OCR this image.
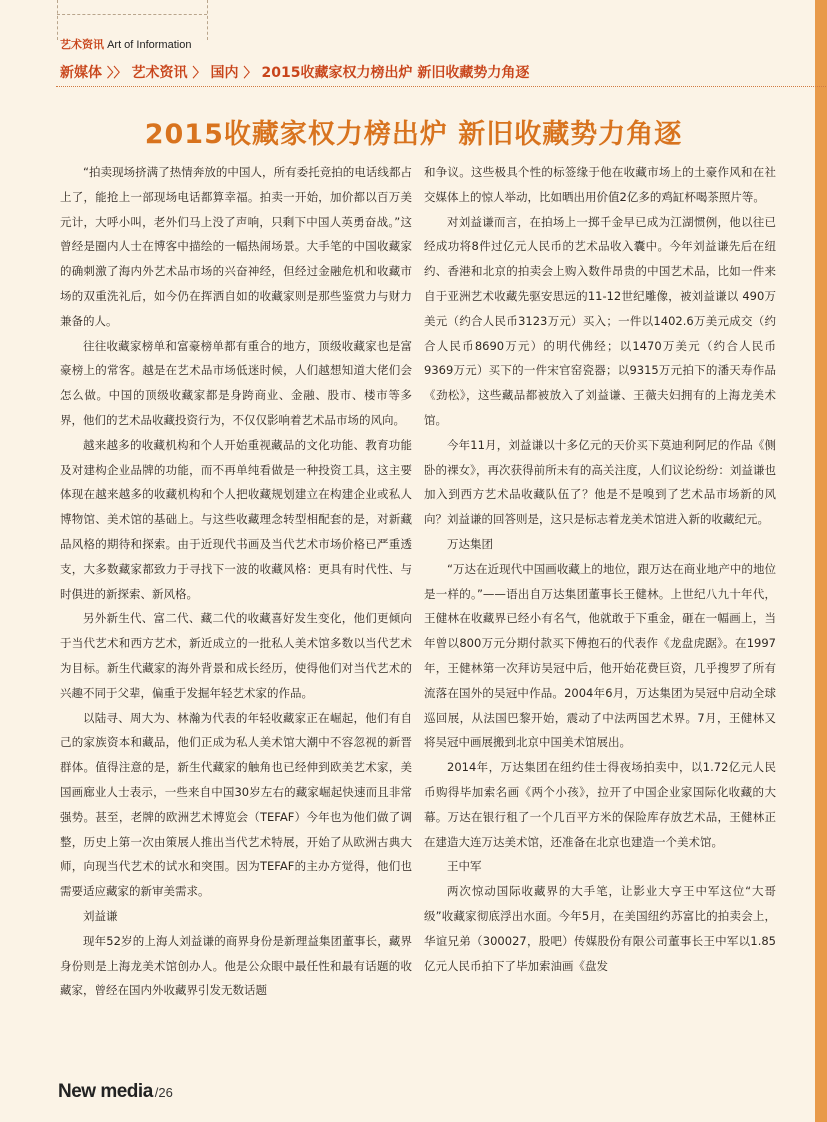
艺术资讯 Art of Information
新媒体 〉〉 艺术资讯 〉 国内 〉 2015收藏家权力榜出炉 新旧收藏势力角逐
2015收藏家权力榜出炉 新旧收藏势力角逐

“拍卖现场挤满了热情奔放的中国人，所有委托竞拍的电话线都占上了，能抢上一部现场电话都算幸福。拍卖一开始，加价都以百万美元计，大呼小叫，老外们马上没了声响，只剩下中国人英勇奋战。”这曾经是圈内人士在博客中描绘的一幅热闹场景。大手笔的中国收藏家的确刺激了海内外艺术品市场的兴奋神经，但经过金融危机和收藏市场的双重洗礼后，如今仍在挥洒自如的收藏家则是那些鉴赏力与财力兼备的人。

往往收藏家榜单和富豪榜单都有重合的地方，顶级收藏家也是富豪榜上的常客。越是在艺术品市场低迷时候，人们越想知道大佬们会怎么做。中国的顶级收藏家都是身跨商业、金融、股市、楼市等多界，他们的艺术品收藏投资行为，不仅仅影响着艺术品市场的风向。

越来越多的收藏机构和个人开始重视藏品的文化功能、教育功能及对建构企业品牌的功能，而不再单纯看做是一种投资工具，这主要体现在越来越多的收藏机构和个人把收藏规划建立在构建企业或私人博物馆、美术馆的基础上。与这些收藏理念转型相配套的是，对新藏品风格的期待和探索。由于近现代书画及当代艺术市场价格已严重透支，大多数藏家都致力于寻找下一波的收藏风格：更具有时代性、与时俱进的新探索、新风格。

另外新生代、富二代、藏二代的收藏喜好发生变化，他们更倾向于当代艺术和西方艺术，新近成立的一批私人美术馆多数以当代艺术为目标。新生代藏家的海外背景和成长经历，使得他们对当代艺术的兴趣不同于父辈，偏重于发掘年轻艺术家的作品。

以陆寻、周大为、林瀚为代表的年轻收藏家正在崛起，他们有自己的家族资本和藏品，他们正成为私人美术馆大潮中不容忽视的新晋群体。值得注意的是，新生代藏家的触角也已经伸到欧美艺术家，美国画廊业人士表示，一些来自中国30岁左右的藏家崛起快速而且非常强势。甚至，老牌的欧洲艺术博览会（TEFAF）今年也为他们做了调整，历史上第一次由策展人推出当代艺术特展，开始了从欧洲古典大师，向现当代艺术的试水和突围。因为TEFAF的主办方觉得，他们也需要适应藏家的新审美需求。

刘益谦

现年52岁的上海人刘益谦的商界身份是新理益集团董事长，藏界身份则是上海龙美术馆创办人。他是公众眼中最任性和最有话题的收藏家，曾经在国内外收藏界引发无数话题

和争议。这些极具个性的标签缘于他在收藏市场上的土豪作风和在社交媒体上的惊人举动，比如晒出用价值2亿多的鸡缸杯喝茶照片等。

对刘益谦而言，在拍场上一掷千金早已成为江湖惯例，他以往已经成功将8件过亿元人民币的艺术品收入囊中。今年刘益谦先后在纽约、香港和北京的拍卖会上购入数件昂贵的中国艺术品，比如一件来自于亚洲艺术收藏先驱安思远的11-12世纪雕像，被刘益谦以 490万美元（约合人民币3123万元）买入；一件以1402.6万美元成交（约合人民币8690万元）的明代佛经；以1470万美元（约合人民币9369万元）买下的一件宋官窑瓷器；以9315万元拍下的潘天寿作品《劲松》，这些藏品都被放入了刘益谦、王薇夫妇拥有的上海龙美术馆。

今年11月，刘益谦以十多亿元的天价买下莫迪利阿尼的作品《侧卧的裸女》，再次获得前所未有的高关注度，人们议论纷纷：刘益谦也加入到西方艺术品收藏队伍了？他是不是嗅到了艺术品市场新的风向？刘益谦的回答则是，这只是标志着龙美术馆进入新的收藏纪元。

万达集团

“万达在近现代中国画收藏上的地位，跟万达在商业地产中的地位是一样的。”——语出自万达集团董事长王健林。上世纪八九十年代，王健林在收藏界已经小有名气，他就敢于下重金，砸在一幅画上，当年曾以800万元分期付款买下傅抱石的代表作《龙盘虎踞》。在1997年，王健林第一次拜访吴冠中后，他开始花费巨资，几乎搜罗了所有流落在国外的吴冠中作品。2004年6月，万达集团为吴冠中启动全球巡回展，从法国巴黎开始，震动了中法两国艺术界。7月，王健林又将吴冠中画展搬到北京中国美术馆展出。

2014年，万达集团在纽约佳士得夜场拍卖中，以1.72亿元人民币购得毕加索名画《两个小孩》，拉开了中国企业家国际化收藏的大幕。万达在银行租了一个几百平方米的保险库存放艺术品，王健林正在建造大连万达美术馆，还准备在北京也建造一个美术馆。

王中军

两次惊动国际收藏界的大手笔，让影业大亨王中军这位“大哥级”收藏家彻底浮出水面。今年5月，在美国纽约苏富比的拍卖会上，华谊兄弟（300027，股吧）传媒股份有限公司董事长王中军以1.85亿元人民币拍下了毕加索油画《盘发

New media /26
